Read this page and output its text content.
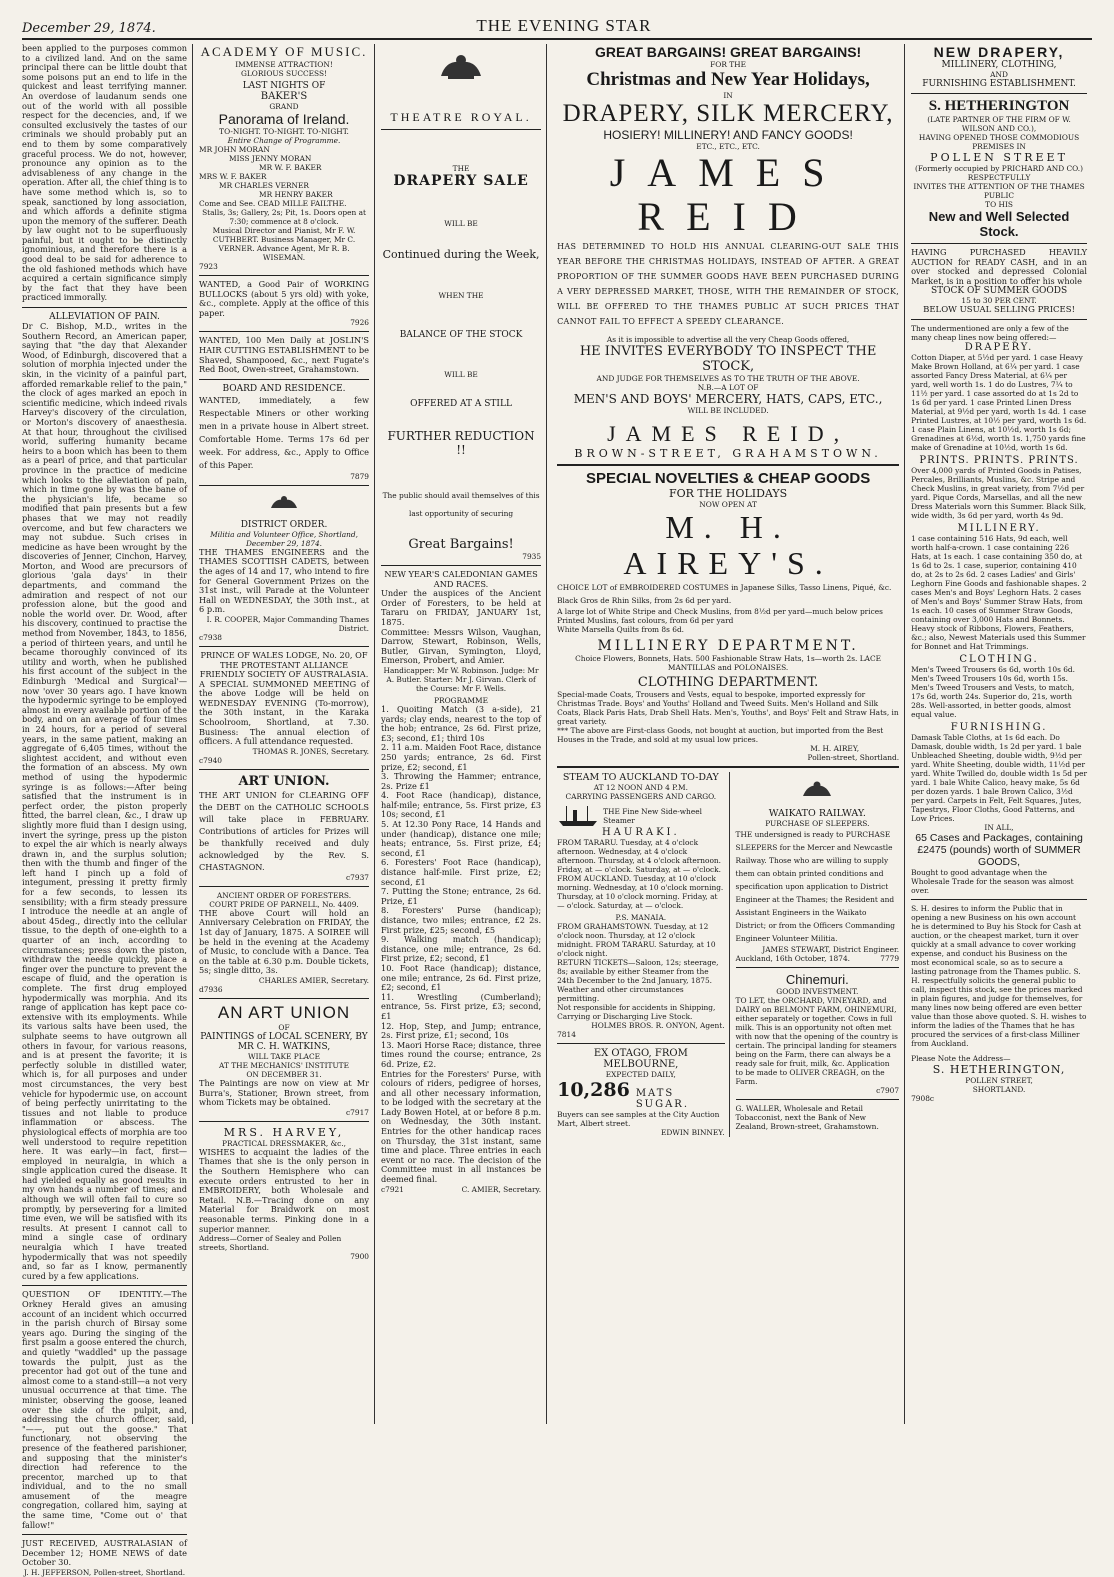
December 29, 1874.	THE EVENING STAR

been applied to the purposes common to a civilized land. And on the same principal there can be little doubt that some poisons put an end to life in the quickest and least terrifying manner. An overdose of laudanum sends one out of the world with all possible respect for the decencies, and, if we consulted exclusively the tastes of our criminals we should probably put an end to them by some comparatively graceful process. We do not, however, pronounce any opinion as to the advisableness of any change in the operation. After all, the chief thing is to have some method which is, so to speak, sanctioned by long association, and which affords a definite stigma upon the memory of the sufferer. Death by law ought not to be superfluously painful, but it ought to be distinctly ignominious, and therefore there is a good deal to be said for adherence to the old fashioned methods which have acquired a certain significance simply by the fact that they have been practiced immorally.

ALLEVIATION OF PAIN.

Dr C. Bishop, M.D., writes in the Southern Record, an American paper, saying that "the day that Alexander Wood, of Edinburgh, discovered that a solution of morphia injected under the skin, in the vicinity of a painful part, afforded remarkable relief to the pain," the clock of ages marked an epoch in scientific medicine, which indeed rivals Harvey's discovery of the circulation, or Morton's discovery of anaesthesia. At that hour, throughout the civilised world, suffering humanity became heirs to a boon which has been to them as a pearl of price, and that particular province in the practice of medicine which looks to the alleviation of pain, which in time gone by was the bane of the physician's life, became so modified that pain presents but a few phases that we may not readily overcome, and but few characters we may not subdue. Such crises in medicine as have been wrought by the discoveries of Jenner, Cinchon, Harvey, Morton, and Wood are precursors of glorious 'gala days' in their departments, and command the admiration and respect of not our profession alone, but the good and noble the world over. Dr. Wood, after his discovery, continued to practise the method from November, 1843, to 1856, a period of thirteen years, and until he became thoroughly convinced of its utility and worth, when he published his first account of the subject in the Edinburgh 'Medical and Surgical'—now 'over 30 years ago. I have known the hypodermic syringe to be employed almost in every available portion of the body, and on an average of four times in 24 hours, for a period of several years, in the same patient, making an aggregate of 6,405 times, without the slightest accident, and without even the formation of an abscess. My own method of using the hypodermic syringe is as follows:—After being satisfied that the instrument is in perfect order, the piston properly fitted, the barrel clean, &c., I draw up slightly more fluid than I design using, invert the syringe, press up the piston to expel the air which is nearly always drawn in, and the surplus solution; then with the thumb and finger of the left hand I pinch up a fold of integument, pressing it pretty firmly for a few seconds, to lessen its sensibility; with a firm steady pressure I introduce the needle at an angle of about 45deg., directly into the cellular tissue, to the depth of one-eighth to a quarter of an inch, according to circumstances; press down the piston, withdraw the needle quickly, place a finger over the puncture to prevent the escape of fluid, and the operation is complete. The first drug employed hypodermically was morphia. And its range of application has kept pace co-extensive with its employments. While its various salts have been used, the sulphate seems to have outgrown all others in favour, for various reasons, and is at present the favorite; it is perfectly soluble in distilled water, which is, for all purposes and under most circumstances, the very best vehicle for hypodermic use, on account of being perfectly unirritating to the tissues and not liable to produce inflammation or abscess. The physiological effects of morphia are too well understood to require repetition here. It was early—in fact, first—employed in neuralgia, in which a single application cured the disease. It had yielded equally as good results in my own hands a number of times; and although we will often fail to cure so promptly, by persevering for a limited time even, we will be satisfied with its results. At present I cannot call to mind a single case of ordinary neuralgia which I have treated hypodermically that was not speedily and, so far as I know, permanently cured by a few applications.

QUESTION OF IDENTITY.—The Orkney Herald gives an amusing account of an incident which occurred in the parish church of Birsay some years ago. During the singing of the first psalm a goose entered the church, and quietly "waddled" up the passage towards the pulpit, just as the precentor had got out of the tune and almost come to a stand-still—a not very unusual occurrence at that time. The minister, observing the goose, leaned over the side of the pulpit, and, addressing the church officer, said, "——, put out the goose." That functionary, not observing the presence of the feathered parishioner, and supposing that the minister's direction had reference to the precentor, marched up to that individual, and to the no small amusement of the meagre congregation, collared him, saying at the same time, "Come out o' that fallow!"

JUST RECEIVED, AUSTRALASIAN of December 12; HOME NEWS of date October 30.

J. H. JEFFERSON, Pollen-street, Shortland.

ACADEMY OF MUSIC.

IMMENSE ATTRACTION!

GLORIOUS SUCCESS!

LAST NIGHTS OF

BAKER'S

GRAND

Panorama of Ireland.

TO-NIGHT. TO-NIGHT. TO-NIGHT.

Entire Change of Programme.

MR JOHN MORAN

MISS JENNY MORAN

MR W. F. BAKER

MRS W. F. BAKER

MR CHARLES VERNER

MR HENRY BAKER

Come and See. CEAD MILLE FAILTHE.

Stalls, 3s; Gallery, 2s; Pit, 1s. Doors open at 7:30; commence at 8 o'clock.

Musical Director and Pianist, Mr F. W. CUTHBERT. Business Manager, Mr C. VERNER. Advance Agent, Mr R. B. WISEMAN.

7923

WANTED, a Good Pair of WORKING BULLOCKS (about 5 yrs old) with yoke, &c., complete. Apply at the office of this paper.

7926

WANTED, 100 Men Daily at JOSLIN'S HAIR CUTTING ESTABLISHMENT to be Shaved, Shampooed, &c., next Fugate's Red Boot, Owen-street, Grahamstown.

BOARD AND RESIDENCE.

WANTED, immediately, a few Respectable Miners or other working men in a private house in Albert street. Comfortable Home. Terms 17s 6d per week. For address, &c., Apply to Office of this Paper.

7879

DISTRICT ORDER.

Militia and Volunteer Office, Shortland, December 29, 1874.

THE THAMES ENGINEERS and the THAMES SCOTTISH CADETS, between the ages of 14 and 17, who intend to fire for General Government Prizes on the 31st inst., will Parade at the Volunteer Hall on WEDNESDAY, the 30th inst., at 6 p.m.

I. R. COOPER, Major Commanding Thames District.

c7938

PRINCE OF WALES LODGE, No. 20, OF THE PROTESTANT ALLIANCE FRIENDLY SOCIETY OF AUSTRALASIA.

A SPECIAL SUMMONED MEETING of the above Lodge will be held on WEDNESDAY EVENING (To-morrow), the 30th instant, in the Karaka Schoolroom, Shortland, at 7.30. Business: The annual election of officers. A full attendance requested.

THOMAS R. JONES, Secretary.

c7940

ART UNION.

THE ART UNION for CLEARING OFF the DEBT on the CATHOLIC SCHOOLS will take place in FEBRUARY. Contributions of articles for Prizes will be thankfully received and duly acknowledged by the Rev. S. CHASTAGNON.

c7937

ANCIENT ORDER OF FORESTERS.

COURT PRIDE OF PARNELL, No. 4409.

THE above Court will hold an Anniversary Celebration on FRIDAY, the 1st day of January, 1875. A SOIREE will be held in the evening at the Academy of Music, to conclude with a Dance. Tea on the table at 6.30 p.m. Double tickets, 5s; single ditto, 3s.

CHARLES AMIER, Secretary.

d7936

AN ART UNION

OF

PAINTINGS of LOCAL SCENERY, BY MR C. H. WATKINS,

WILL TAKE PLACE

AT THE MECHANICS' INSTITUTE

ON DECEMBER 31.

The Paintings are now on view at Mr Burra's, Stationer, Brown street, from whom Tickets may be obtained.

c7917

MRS. HARVEY,

PRACTICAL DRESSMAKER, &c.,

WISHES to acquaint the ladies of the Thames that she is the only person in the Southern Hemisphere who can execute orders entrusted to her in EMBROIDERY, both Wholesale and Retail. N.B.—Tracing done on any Material for Braidwork on most reasonable terms. Pinking done in a superior manner.

Address—Corner of Sealey and Pollen streets, Shortland.

7900

THEATRE ROYAL.

THE

DRAPERY SALE

WILL BE

Continued during the Week,

WHEN THE

BALANCE OF THE STOCK

WILL BE

OFFERED AT A STILL

FURTHER REDUCTION !!

The public should avail themselves of this last opportunity of securing

Great Bargains!

7935

NEW YEAR'S CALEDONIAN GAMES AND RACES.

Under the auspices of the Ancient Order of Foresters, to be held at Tararu on FRIDAY, JANUARY 1st, 1875.

Committee: Messrs Wilson, Vaughan, Darrow, Stewart, Robinson, Wells, Butler, Girvan, Symington, Lloyd, Emerson, Probert, and Amier.

Handicapper: Mr W. Robinson. Judge: Mr A. Butler. Starter: Mr J. Girvan. Clerk of the Course: Mr F. Wells.

PROGRAMME

1. Quoiting Match (3 a-side), 21 yards; clay ends, nearest to the top of the hob; entrance, 2s 6d. First prize, £3; second, £1; third 10s

2. 11 a.m. Maiden Foot Race, distance 250 yards; entrance, 2s 6d. First prize, £2; second, £1

3. Throwing the Hammer; entrance, 2s. Prize £1

4. Foot Race (handicap), distance, half-mile; entrance, 5s. First prize, £3 10s; second, £1

5. At 12.30 Pony Race, 14 Hands and under (handicap), distance one mile; heats; entrance, 5s. First prize, £4; second, £1

6. Foresters' Foot Race (handicap), distance half-mile. First prize, £2; second, £1

7. Putting the Stone; entrance, 2s 6d. Prize, £1

8. Foresters' Purse (handicap); distance, two miles; entrance, £2 2s. First prize, £25; second, £5

9. Walking match (handicap); distance, one mile; entrance, 2s 6d. First prize, £2; second, £1

10. Foot Race (handicap); distance, one mile; entrance, 2s 6d. First prize, £2; second, £1

11. Wrestling (Cumberland); entrance, 5s. First prize, £3; second, £1

12. Hop, Step, and Jump; entrance, 2s. First prize, £1; second, 10s

13. Maori Horse Race; distance, three times round the course; entrance, 2s 6d. Prize, £2.

Entries for the Foresters' Purse, with colours of riders, pedigree of horses, and all other necessary information, to be lodged with the secretary at the Lady Bowen Hotel, at or before 8 p.m. on Wednesday, the 30th instant. Entries for the other handicap races on Thursday, the 31st instant, same time and place. Three entries in each event or no race. The decision of the Committee must in all instances be deemed final.

c7921	C. AMIER, Secretary.

GREAT BARGAINS! GREAT BARGAINS!

FOR THE

Christmas and New Year Holidays,

IN

DRAPERY, SILK MERCERY,

HOSIERY! MILLINERY! AND FANCY GOODS!

ETC., ETC., ETC.

JAMES REID

HAS DETERMINED TO HOLD HIS ANNUAL CLEARING-OUT SALE THIS YEAR BEFORE THE CHRISTMAS HOLIDAYS, INSTEAD OF AFTER. A GREAT PROPORTION OF THE SUMMER GOODS HAVE BEEN PURCHASED DURING A VERY DEPRESSED MARKET, THOSE, WITH THE REMAINDER OF STOCK, WILL BE OFFERED TO THE THAMES PUBLIC AT SUCH PRICES THAT CANNOT FAIL TO EFFECT A SPEEDY CLEARANCE.

As it is impossible to advertise all the very Cheap Goods offered,

HE INVITES EVERYBODY TO INSPECT THE STOCK,

AND JUDGE FOR THEMSELVES AS TO THE TRUTH OF THE ABOVE.

N.B.—A LOT OF

MEN'S AND BOYS' MERCERY, HATS, CAPS, ETC.,

WILL BE INCLUDED.

JAMES REID,

BROWN-STREET, GRAHAMSTOWN.

SPECIAL NOVELTIES & CHEAP GOODS

FOR THE HOLIDAYS

NOW OPEN AT

M. H. AIREY'S.

CHOICE LOT of EMBROIDERED COSTUMES in Japanese Silks, Tasso Linens, Piqué, &c. Black Gros de Rhin Silks, from 2s 6d per yard.

A large lot of White Stripe and Check Muslins, from 8½d per yard—much below prices

Printed Muslins, fast colours, from 6d per yard

White Marsella Quilts from 8s 6d.

MILLINERY DEPARTMENT.

Choice Flowers, Bonnets, Hats. 500 Fashionable Straw Hats, 1s—worth 2s. LACE MANTILLAS and POLONAISES.

CLOTHING DEPARTMENT.

Special-made Coats, Trousers and Vests, equal to bespoke, imported expressly for Christmas Trade. Boys' and Youths' Holland and Tweed Suits. Men's Holland and Silk Coats, Black Paris Hats, Drab Shell Hats. Men's, Youths', and Boys' Felt and Straw Hats, in great variety.

*** The above are First-class Goods, not bought at auction, but imported from the Best Houses in the Trade, and sold at my usual low prices.

M. H. AIREY,

Pollen-street, Shortland.

STEAM TO AUCKLAND TO-DAY

AT 12 NOON AND 4 P.M.

CARRYING PASSENGERS AND CARGO.

THE Fine New Side-wheel Steamer

HAURAKI.

FROM TARARU. Tuesday, at 4 o'clock afternoon. Wednesday, at 4 o'clock afternoon. Thursday, at 4 o'clock afternoon. Friday, at — o'clock. Saturday, at — o'clock. FROM AUCKLAND. Tuesday, at 10 o'clock morning. Wednesday, at 10 o'clock morning. Thursday, at 10 o'clock morning. Friday, at — o'clock. Saturday, at — o'clock.

P.S. MANAIA.

FROM GRAHAMSTOWN. Tuesday, at 12 o'clock noon. Thursday, at 12 o'clock midnight. FROM TARARU. Saturday, at 10 o'clock night.

RETURN TICKETS—Saloon, 12s; steerage, 8s; available by either Steamer from the 24th December to the 2nd January, 1875. Weather and other circumstances permitting.

Not responsible for accidents in Shipping, Carrying or Discharging Live Stock.

HOLMES BROS. R. ONYON, Agent.

7814

EX OTAGO, FROM MELBOURNE,

EXPECTED DAILY,

10,286 MATS SUGAR.

Buyers can see samples at the City Auction Mart, Albert street.

EDWIN BINNEY.

WAIKATO RAILWAY.

PURCHASE OF SLEEPERS.

THE undersigned is ready to PURCHASE SLEEPERS for the Mercer and Newcastle Railway. Those who are willing to supply them can obtain printed conditions and specification upon application to District Engineer at the Thames; the Resident and Assistant Engineers in the Waikato District; or from the Officers Commanding Engineer Volunteer Militia.

JAMES STEWART, District Engineer.

Auckland, 16th October, 1874.	7779

Chinemuri.

GOOD INVESTMENT.

TO LET, the ORCHARD, VINEYARD, and DAIRY on BELMONT FARM, OHINEMURI, either separately or together. Cows in full milk. This is an opportunity not often met with now that the opening of the country is certain. The principal landing for steamers being on the Farm, there can always be a ready sale for fruit, milk, &c. Application to be made to OLIVER CREAGH, on the Farm.

c7907

G. WALLER, Wholesale and Retail Tobacconist, next the Bank of New Zealand, Brown-street, Grahamstown.

NEW DRAPERY,

MILLINERY, CLOTHING,

AND

FURNISHING ESTABLISHMENT.

S. HETHERINGTON

(LATE PARTNER OF THE FIRM OF W. WILSON AND CO.),

HAVING OPENED THOSE COMMODIOUS PREMISES IN

POLLEN STREET

(Formerly occupied by PRICHARD AND CO.)

RESPECTFULLY

INVITES THE ATTENTION OF THE THAMES PUBLIC

TO HIS

New and Well Selected Stock.

HAVING PURCHASED HEAVILY AUCTION for READY CASH, and in an over stocked and depressed Colonial Market, is in a position to offer his whole

STOCK OF SUMMER GOODS

15 to 30 PER CENT.

BELOW USUAL SELLING PRICES!

The undermentioned are only a few of the many cheap lines now being offered:—

DRAPERY.

Cotton Diaper, at 5½d per yard. 1 case Heavy Make Brown Holland, at 6¼ per yard. 1 case assorted Fancy Dress Material, at 6¼ per yard, well worth 1s. 1 do do Lustres, 7¼ to 11½ per yard. 1 case assorted do at 1s 2d to 1s 6d per yard. 1 case Printed Linen Dress Material, at 9½d per yard, worth 1s 4d. 1 case Printed Lustres, at 10½ per yard, worth 1s 6d. 1 case Plain Linens, at 10½d, worth 1s 6d; Grenadines at 6½d, worth 1s. 1,750 yards fine make of Grenadine at 10½d, worth 1s 6d.

PRINTS. PRINTS. PRINTS.

Over 4,000 yards of Printed Goods in Patises, Percales, Brilliants, Muslins, &c. Stripe and Check Muslins, in great variety, from 7½d per yard. Pique Cords, Marsellas, and all the new Dress Materials worn this Summer. Black Silk, wide width, 3s 6d per yard, worth 4s 9d.

MILLINERY.

1 case containing 516 Hats, 9d each, well worth half-a-crown. 1 case containing 226 Hats, at 1s each. 1 case containing 350 do, at 1s 6d to 2s. 1 case, superior, containing 410 do, at 2s to 2s 6d. 2 cases Ladies' and Girls' Leghorn Fine Goods and fashionable shapes. 2 cases Men's and Boys' Leghorn Hats. 2 cases of Men's and Boys' Summer Straw Hats, from 1s each. 10 cases of Summer Straw Goods, containing over 3,000 Hats and Bonnets. Heavy stock of Ribbons, Flowers, Feathers, &c.; also, Newest Materials used this Summer for Bonnet and Hat Trimmings.

CLOTHING.

Men's Tweed Trousers 6s 6d, worth 10s 6d. Men's Tweed Trousers 10s 6d, worth 15s. Men's Tweed Trousers and Vests, to match, 17s 6d, worth 24s. Superior do, 21s, worth 28s. Well-assorted, in better goods, almost equal value.

FURNISHING.

Damask Table Cloths, at 1s 6d each. Do Damask, double width, 1s 2d per yard. 1 bale Unbleached Sheeting, double width, 9½d per yard. White Sheeting, double width, 11½d per yard. White Twilled do, double width 1s 5d per yard. 1 bale White Calico, heavy make, 5s 6d per dozen yards. 1 bale Brown Calico, 3½d per yard. Carpets in Felt, Felt Squares, Jutes, Tapestrys, Floor Cloths, Good Patterns, and Low Prices.

IN ALL,

65 Cases and Packages, containing £2475 (pounds) worth of SUMMER GOODS,

Bought to good advantage when the Wholesale Trade for the season was almost over.

S. H. desires to inform the Public that in opening a new Business on his own account he is determined to Buy his Stock for Cash at auction, or the cheapest market, turn it over quickly at a small advance to cover working expense, and conduct his Business on the most economical scale, so as to secure a lasting patronage from the Thames public. S. H. respectfully solicits the general public to call, inspect this stock, see the prices marked in plain figures, and judge for themselves, for many lines now being offered are even better value than those above quoted. S. H. wishes to inform the ladies of the Thames that he has procured the services of a first-class Milliner from Auckland.

Please Note the Address—

S. HETHERINGTON,

POLLEN STREET,

SHORTLAND.

7908c
